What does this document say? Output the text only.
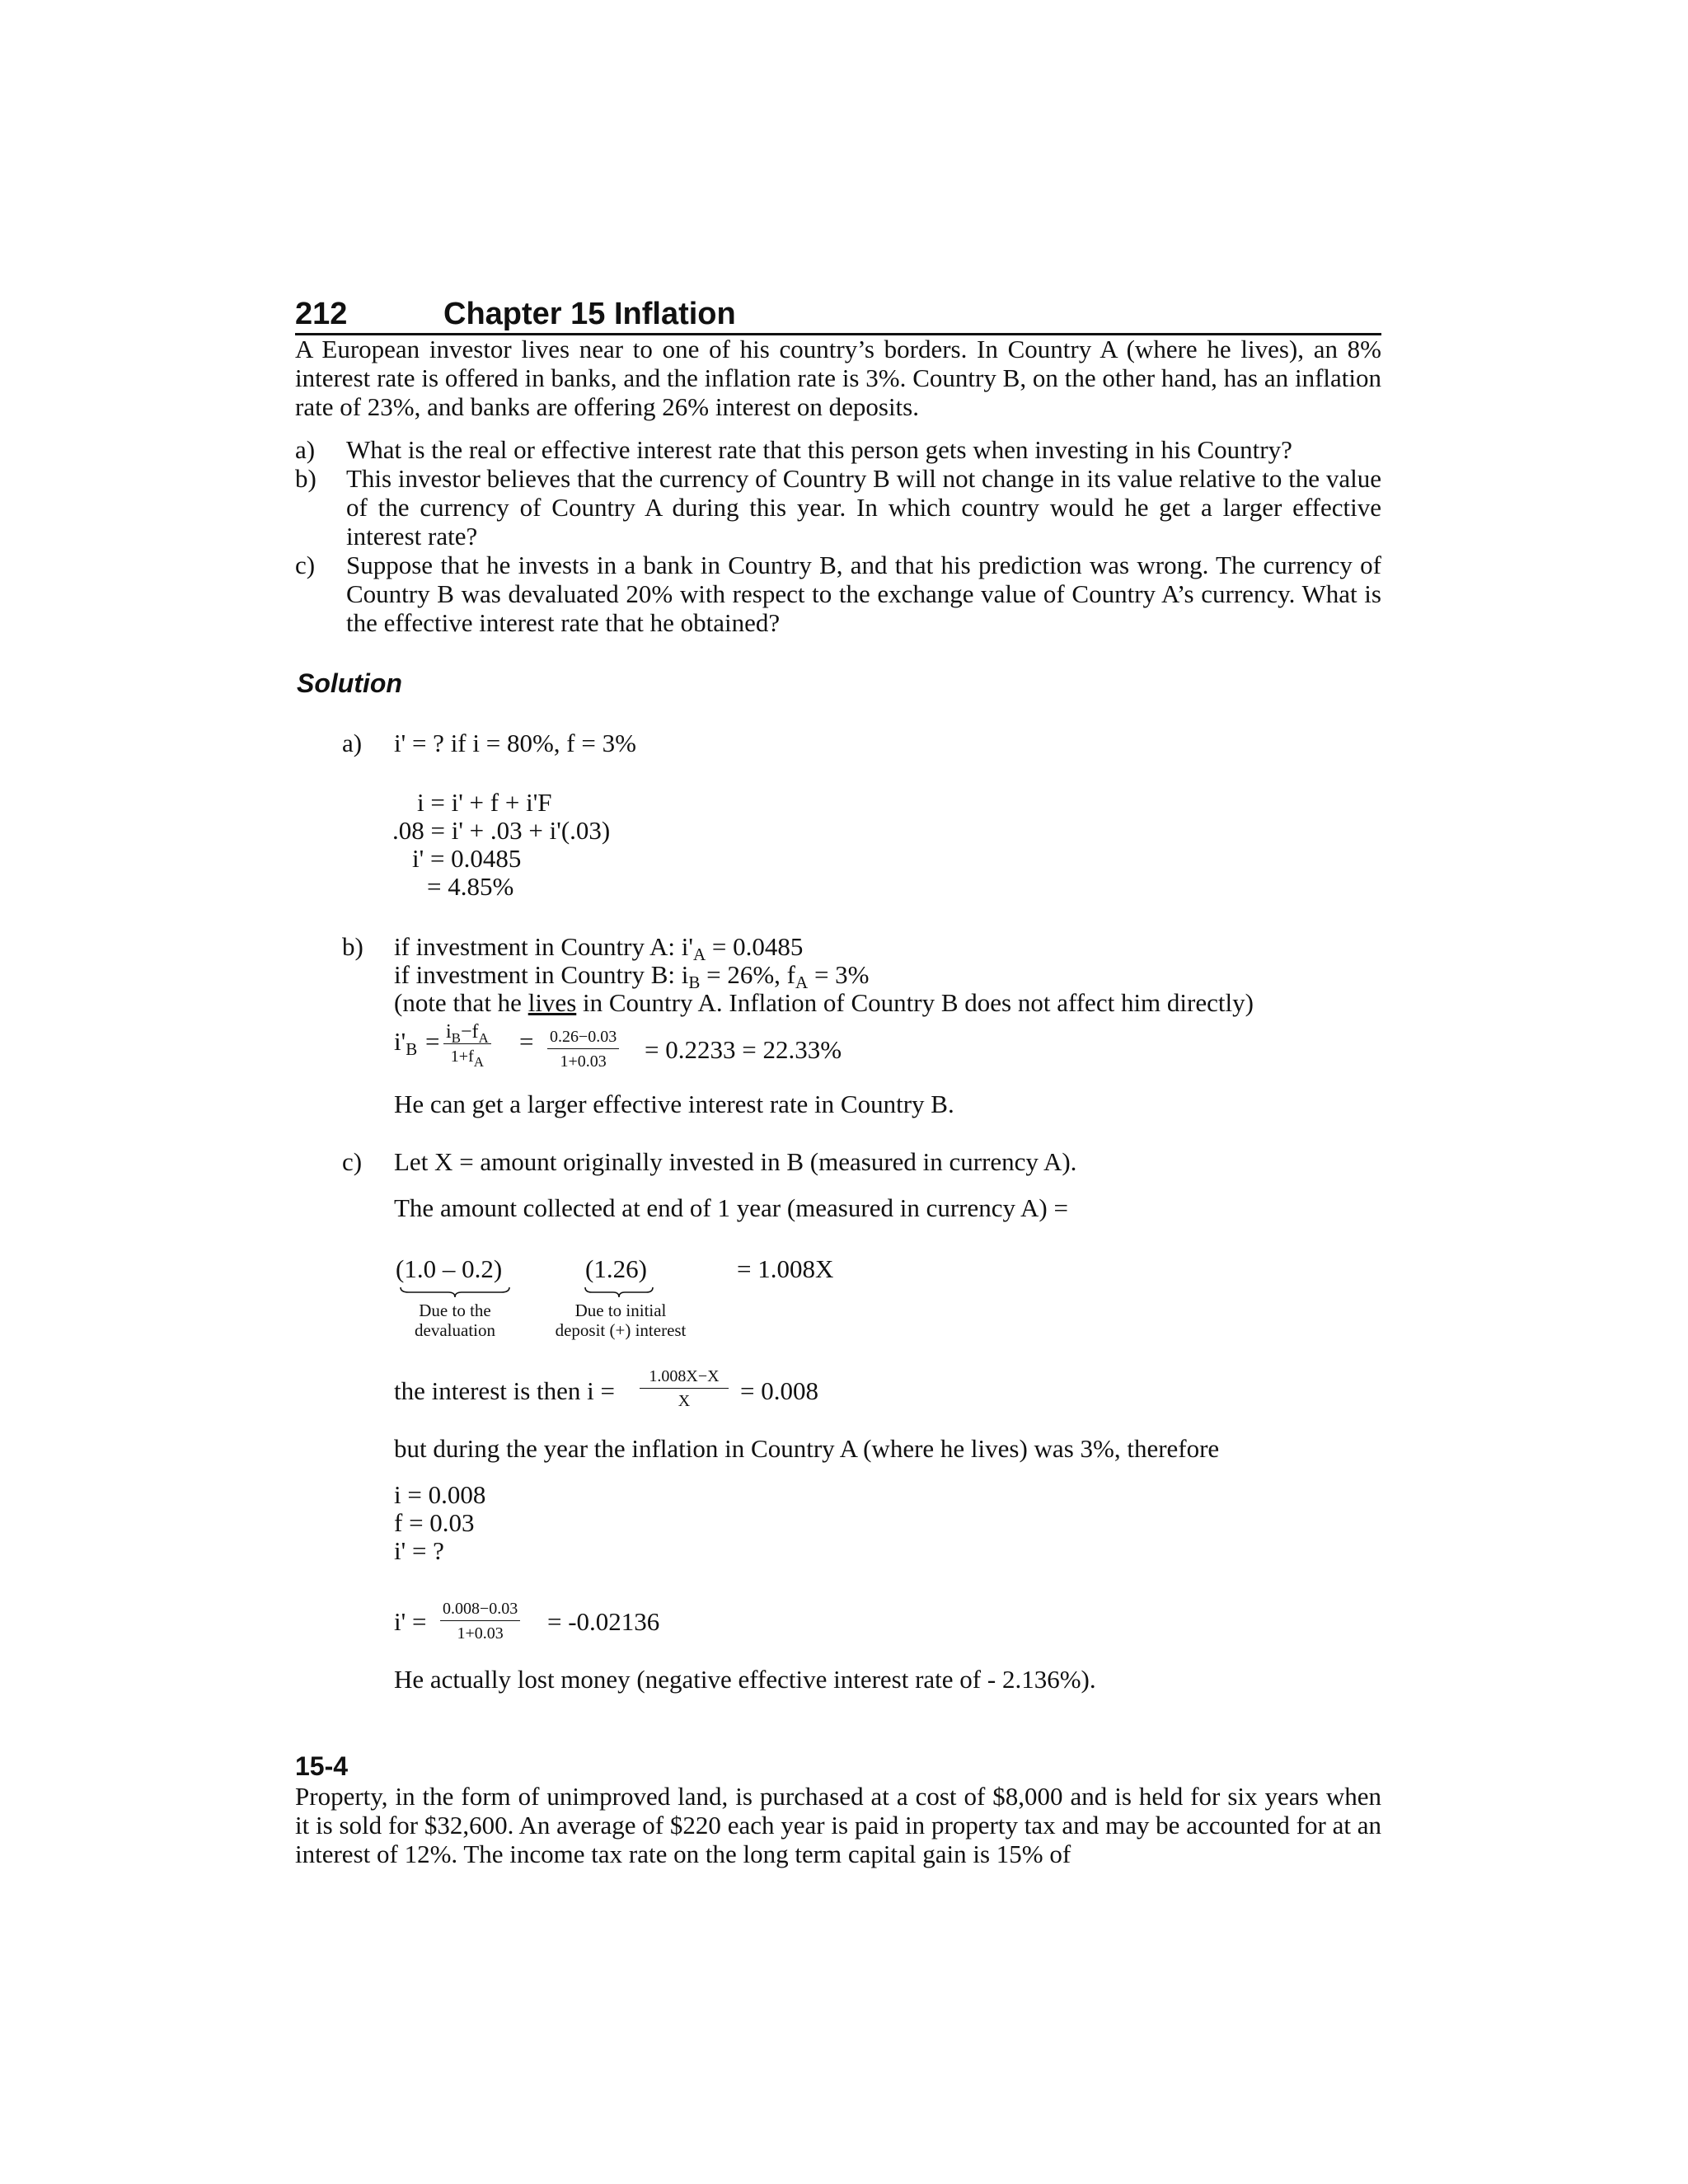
212	Chapter 15 Inflation
A European investor lives near to one of his country’s borders. In Country A (where he lives), an 8% interest rate is offered in banks, and the inflation rate is 3%. Country B, on the other hand, has an inflation rate of 23%, and banks are offering 26% interest on deposits.
a) What is the real or effective interest rate that this person gets when investing in his Country?
b) This investor believes that the currency of Country B will not change in its value relative to the value of the currency of Country A during this year. In which country would he get a larger effective interest rate?
c) Suppose that he invests in a bank in Country B, and that his prediction was wrong. The currency of Country B was devaluated 20% with respect to the exchange value of Country A’s currency. What is the effective interest rate that he obtained?
Solution
a) i' = ? if i = 80%, f = 3%
i = i' + f + i'F
.08 = i' + .03 + i'(.03)
i' = 0.0485
= 4.85%
b) if investment in Country A: $i'_A = 0.0485$
if investment in Country B: $i_B = 26\%$, $f_A = 3\%$
(note that he lives in Country A. Inflation of Country B does not affect him directly)
$i'_B = i_B-f_A$
$1+f_A$
= $\frac{0.26-0.03}{1+0.03} = 0.2233 = 22.33\%$
He can get a larger effective interest rate in Country B.
c) Let X = amount originally invested in B (measured in currency A).
The amount collected at end of 1 year (measured in currency A) =
(1.0 – 0.2)	(1.26)	= 1.008X
Due to the
devaluation
Due to initial
deposit (+) interest
the interest is then $i = \frac{1.008X-X}{X} = 0.008$
but during the year the inflation in Country A (where he lives) was 3%, therefore
i = 0.008
f = 0.03
i' = ?
$i' = \frac{0.008-0.03}{1+0.03} = -0.02136$
He actually lost money (negative effective interest rate of - 2.136%).
15-4
Property, in the form of unimproved land, is purchased at a cost of $8,000 and is held for six years when it is sold for $32,600. An average of $220 each year is paid in property tax and may be accounted for at an interest of 12%. The income tax rate on the long term capital gain is 15% of
